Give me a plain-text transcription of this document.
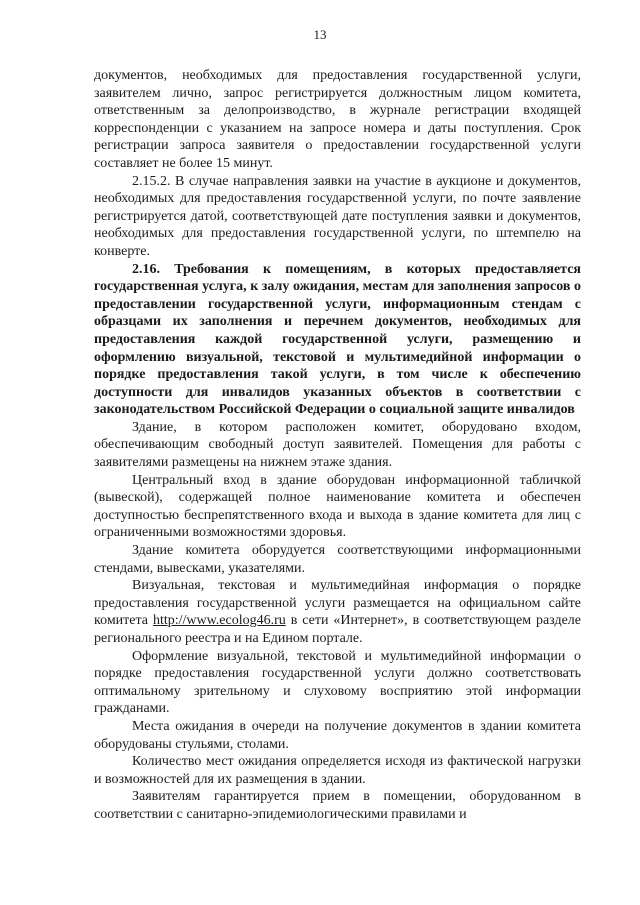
13

документов, необходимых для предоставления государственной услуги, заявителем лично, запрос регистрируется должностным лицом комитета, ответственным за делопроизводство, в журнале регистрации входящей корреспонденции с указанием на запросе номера и даты поступления. Срок регистрации запроса заявителя о предоставлении государственной услуги составляет не более 15 минут.

2.15.2. В случае направления заявки на участие в аукционе и документов, необходимых для предоставления государственной услуги, по почте заявление регистрируется датой, соответствующей дате поступления заявки и документов, необходимых для предоставления государственной услуги, по штемпелю на конверте.

2.16. Требования к помещениям, в которых предоставляется государственная услуга, к залу ожидания, местам для заполнения запросов о предоставлении государственной услуги, информационным стендам с образцами их заполнения и перечнем документов, необходимых для предоставления каждой государственной услуги, размещению и оформлению визуальной, текстовой и мультимедийной информации о порядке предоставления такой услуги, в том числе к обеспечению доступности для инвалидов указанных объектов в соответствии с законодательством Российской Федерации о социальной защите инвалидов

Здание, в котором расположен комитет, оборудовано входом, обеспечивающим свободный доступ заявителей. Помещения для работы с заявителями размещены на нижнем этаже здания.

Центральный вход в здание оборудован информационной табличкой (вывеской), содержащей полное наименование комитета и обеспечен доступностью беспрепятственного входа и выхода в здание комитета для лиц с ограниченными возможностями здоровья.

Здание комитета оборудуется соответствующими информационными стендами, вывесками, указателями.

Визуальная, текстовая и мультимедийная информация о порядке предоставления государственной услуги размещается на официальном сайте комитета http://www.ecolog46.ru в сети «Интернет», в соответствующем разделе регионального реестра и на Едином портале.

Оформление визуальной, текстовой и мультимедийной информации о порядке предоставления государственной услуги должно соответствовать оптимальному зрительному и слуховому восприятию этой информации гражданами.

Места ожидания в очереди на получение документов в здании комитета оборудованы стульями, столами.

Количество мест ожидания определяется исходя из фактической нагрузки и возможностей для их размещения в здании.

Заявителям гарантируется прием в помещении, оборудованном в соответствии с санитарно-эпидемиологическими правилами и
